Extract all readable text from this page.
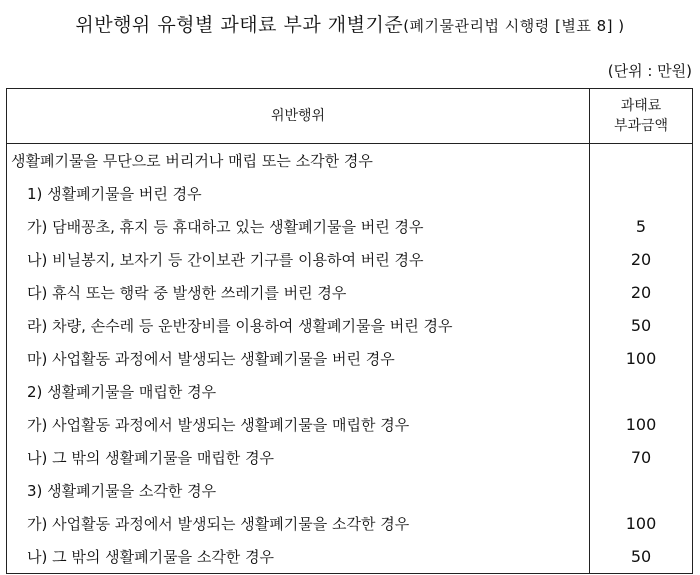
위반행위 유형별 과태료 부과 개별기준(폐기물관리법 시행령 [별표 8] )
(단위 : 만원)
위반행위	과태료
부과금액

생활폐기물을 무단으로 버리거나 매립 또는 소각한 경우	
1) 생활폐기물을 버린 경우	
가) 담배꽁초, 휴지 등 휴대하고 있는 생활폐기물을 버린 경우	5
나) 비닐봉지, 보자기 등 간이보관 기구를 이용하여 버린 경우	20
다) 휴식 또는 행락 중 발생한 쓰레기를 버린 경우	20
라) 차량, 손수레 등 운반장비를 이용하여 생활폐기물을 버린 경우	50
마) 사업활동 과정에서 발생되는 생활폐기물을 버린 경우	100
2) 생활폐기물을 매립한 경우	
가) 사업활동 과정에서 발생되는 생활폐기물을 매립한 경우	100
나) 그 밖의 생활폐기물을 매립한 경우	70
3) 생활폐기물을 소각한 경우	
가) 사업활동 과정에서 발생되는 생활폐기물을 소각한 경우	100
나) 그 밖의 생활폐기물을 소각한 경우	50
